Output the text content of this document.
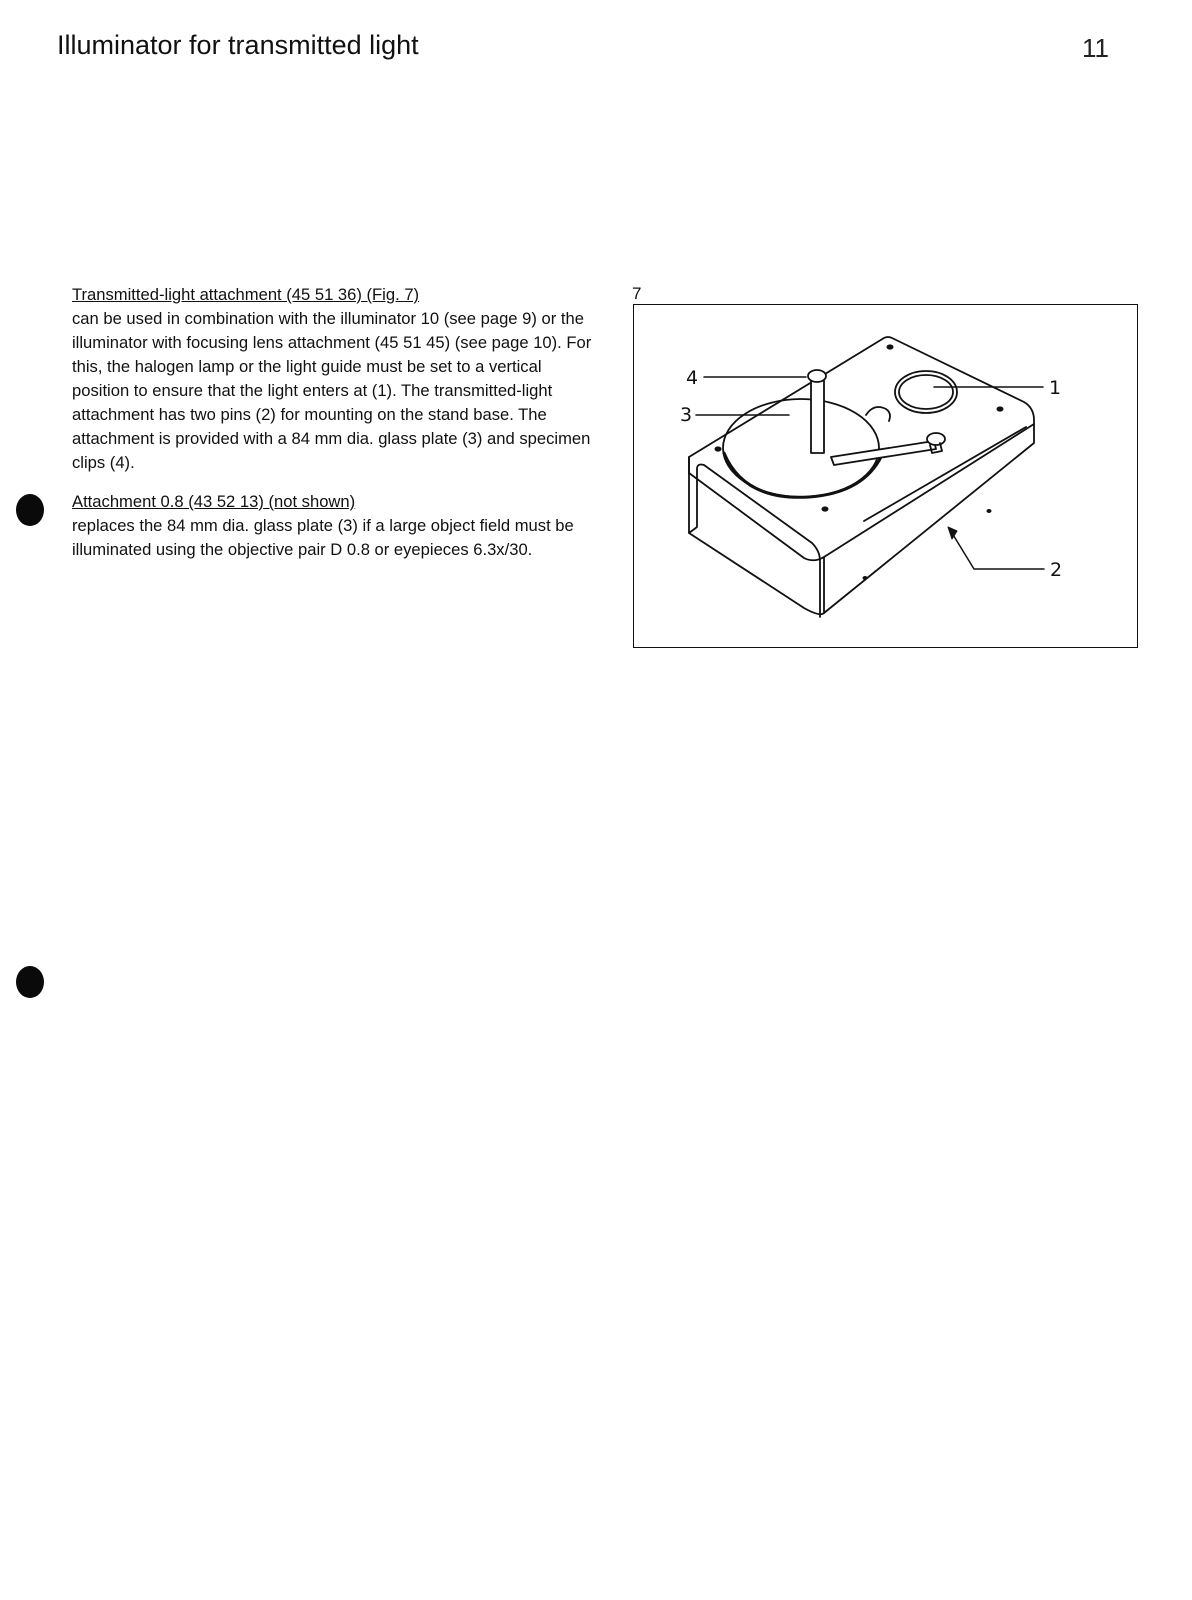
Illuminator for transmitted light	11
Transmitted-light attachment (45 51 36) (Fig. 7)
can be used in combination with the illuminator 10 (see page 9) or the illuminator with focusing lens attachment (45 51 45) (see page 10). For this, the halogen lamp or the light guide must be set to a vertical position to ensure that the light enters at (1). The transmitted-light attachment has two pins (2) for mounting on the stand base. The attachment is provided with a 84 mm dia. glass plate (3) and specimen clips (4).
Attachment 0.8 (43 52 13) (not shown)
replaces the 84 mm dia. glass plate (3) if a large object field must be illuminated using the objective pair D 0.8 or eyepieces 6.3x/30.
7
4
3
1
2
